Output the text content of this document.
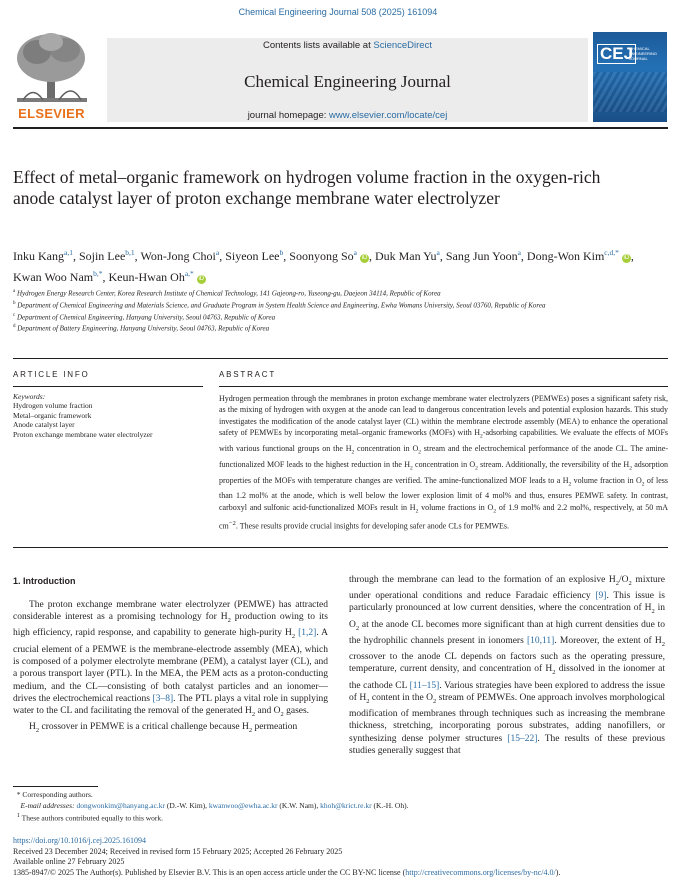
Chemical Engineering Journal 508 (2025) 161094
ELSEVIER
Contents lists available at ScienceDirect
Chemical Engineering Journal
journal homepage: www.elsevier.com/locate/cej
CEJ
CHEMICAL ENGINEERING JOURNAL
Effect of metal–organic framework on hydrogen volume fraction in the oxygen-rich anode catalyst layer of proton exchange membrane water electrolyzer
Inku Kang$^{a,1}$, Sojin Lee$^{b,1}$, Won-Jong Choi$^a$, Siyeon Lee$^b$, Soonyong So$^a$ iD , Duk Man Yu$^a$, Sang Jun Yoon$^a$, Dong-Won Kim$^{c,d,*}$ iD , Kwan Woo Nam$^{b,*}$, Keun-Hwan $Oh^{a,*}$ iD
$^a$ Hydrogen Energy Research Center, Korea Research Institute of Chemical Technology, 141 Gajeong-ro, Yuseong-gu, Daejeon 34114, Republic of Korea
$^b$ Department of Chemical Engineering and Materials Science, and Graduate Program in System Health Science and Engineering, Ewha Womans University, Seoul 03760, Republic of Korea
$^c$ Department of Chemical Engineering, Hanyang University, Seoul 04763, Republic of Korea
$^d$ Department of Battery Engineering, Hanyang University, Seoul 04763, Republic of Korea
ARTICLE INFO
Keywords:
Hydrogen volume fraction
Metal–organic framework
Anode catalyst layer
Proton exchange membrane water electrolyzer
ABSTRACT
Hydrogen permeation through the membranes in proton exchange membrane water electrolyzers (PEMWEs) poses a significant safety risk, as the mixing of hydrogen with oxygen at the anode can lead to dangerous concentration levels and potential explosion hazards. This study investigates the modification of the anode catalyst layer (CL) within the membrane electrode assembly (MEA) to enhance the operational safety of PEMWEs by incorporating metal–organic frameworks (MOFs) with $H_2$-adsorbing capabilities. We evaluate the effects of MOFs with various functional groups on the $H_2$ concentration in $O_2$ stream and the electrochemical performance of the anode CL. The amine-functionalized MOF leads to the highest reduction in the $H_2$ concentration in $O_2$ stream. Additionally, the reversibility of the $H_2$ adsorption properties of the MOFs with temperature changes are verified. The amine-functionalized MOF leads to a $H_2$ volume fraction in $O_2$ of less than 1.2 mol% at the anode, which is well below the lower explosion limit of 4 mol% and thus, ensures PEMWE safety. In contrast, carboxyl and sulfonic acid-functionalized MOFs result in $H_2$ volume fractions in $O_2$ of 1.9 mol% and 2.2 mol%, respectively, at 50 mA $cm^{-2}$. These results provide crucial insights for developing safer anode CLs for PEMWEs.
1. Introduction

The proton exchange membrane water electrolyzer (PEMWE) has attracted considerable interest as a promising technology for $H_2$ production owing to its high efficiency, rapid response, and capability to generate high-purity $H_2$ [1,2]. A crucial element of a PEMWE is the membrane-electrode assembly (MEA), which is composed of a polymer electrolyte membrane (PEM), a catalyst layer (CL), and a porous transport layer (PTL). In the MEA, the PEM acts as a proton-conducting medium, and the CL—consisting of both catalyst particles and an ionomer—drives the electrochemical reactions [3–8]. The PTL plays a vital role in supplying water to the CL and facilitating the removal of the generated $H_2$ and $O_2$ gases.

$H_2$ crossover in PEMWE is a critical challenge because $H_2$ permeation

through the membrane can lead to the formation of an explosive $H_2/O_2$ mixture under operational conditions and reduce Faradaic efficiency [9]. This issue is particularly pronounced at low current densities, where the concentration of $H_2$ in $O_2$ at the anode CL becomes more significant than at high current densities due to the hydrophilic channels present in ionomers [10,11]. Moreover, the extent of $H_2$ crossover to the anode CL depends on factors such as the operating pressure, temperature, current density, and concentration of $H_2$ dissolved in the ionomer at the cathode CL [11–15]. Various strategies have been explored to address the issue of $H_2$ content in the $O_2$ stream of PEMWEs. One approach involves morphological modification of membranes through techniques such as increasing the membrane thickness, stretching, incorporating porous substrates, adding nanofillers, or synthesizing dense polymer structures [15–22]. The results of these previous studies generally suggest that

* Corresponding authors.
E-mail addresses: dongwonkim@hanyang.ac.kr (D.-W. Kim), kwanwoo@ewha.ac.kr (K.W. Nam), khoh@krict.re.kr (K.-H. Oh).
$^1$ These authors contributed equally to this work.
https://doi.org/10.1016/j.cej.2025.161094
Received 23 December 2024; Received in revised form 15 February 2025; Accepted 26 February 2025
Available online 27 February 2025
1385-8947/© 2025 The Author(s). Published by Elsevier B.V. This is an open access article under the CC BY-NC license (http://creativecommons.org/licenses/by-nc/4.0/).
